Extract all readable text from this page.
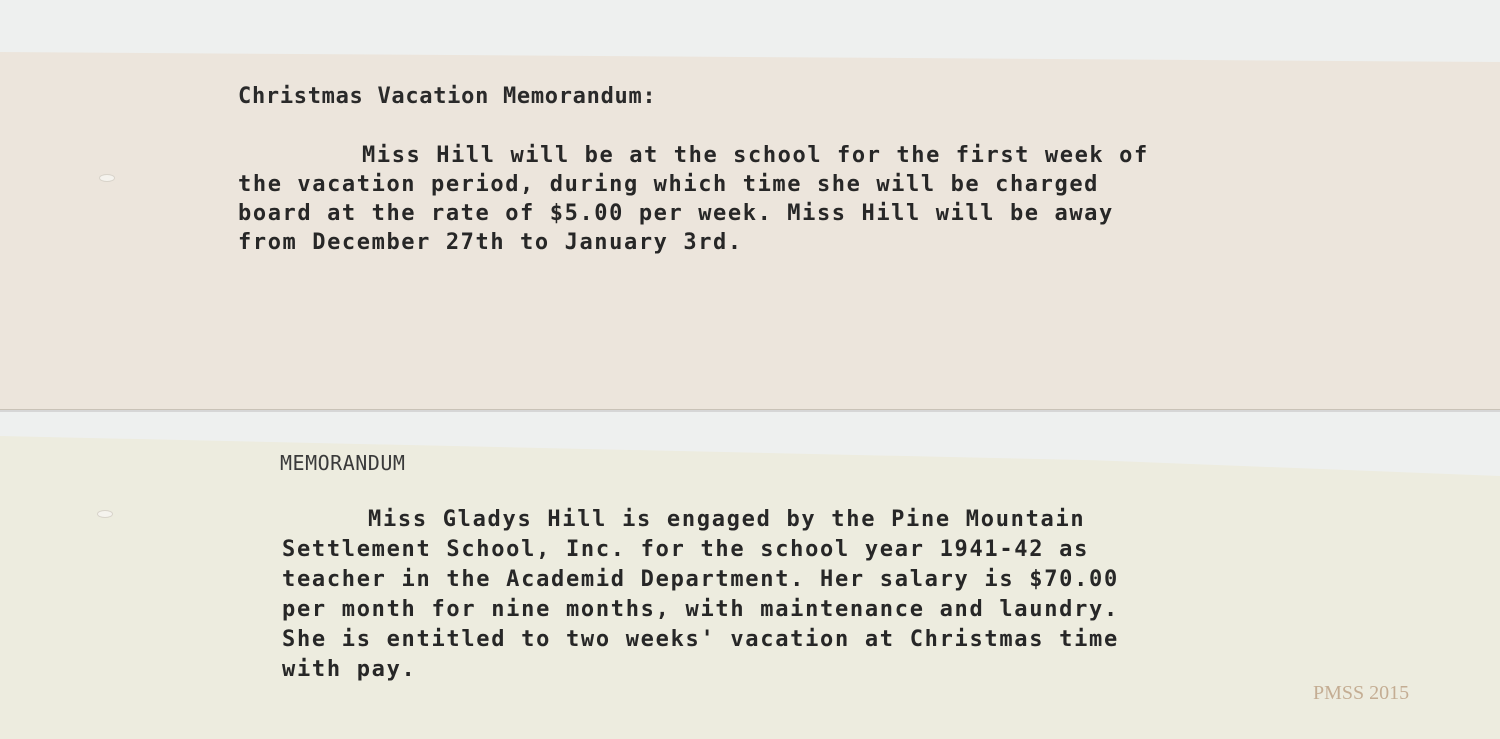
Christmas Vacation Memorandum:
Miss Hill will be at the school for the first week of
the vacation period, during which time she will be charged
board at the rate of $5.00 per week. Miss Hill will be away
from December 27th to January 3rd.
MEMORANDUM
Miss Gladys Hill is engaged by the Pine Mountain
Settlement School, Inc. for the school year 1941-42 as
teacher in the Academid Department. Her salary is $70.00
per month for nine months, with maintenance and laundry.
She is entitled to two weeks' vacation at Christmas time
with pay.
PMSS 2015
